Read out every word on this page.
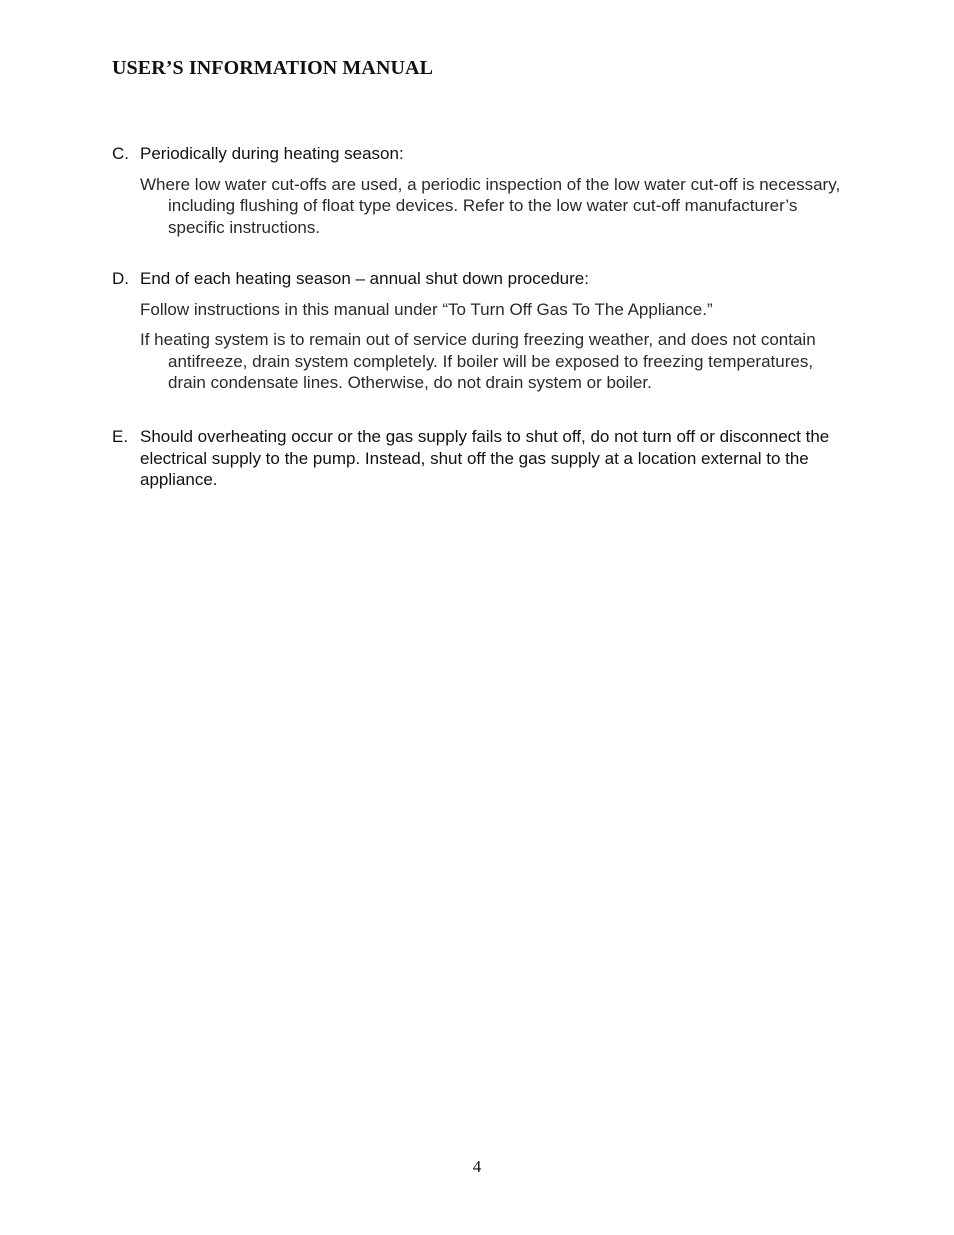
USER’S INFORMATION MANUAL

C. Periodically during heating season:

Where low water cut-offs are used, a periodic inspection of the low water cut-off is necessary, including flushing of float type devices. Refer to the low water cut-off manufacturer’s specific instructions.

D. End of each heating season – annual shut down procedure:

Follow instructions in this manual under “To Turn Off Gas To The Appliance.”

If heating system is to remain out of service during freezing weather, and does not contain antifreeze, drain system completely. If boiler will be exposed to freezing temperatures, drain condensate lines. Otherwise, do not drain system or boiler.

E. Should overheating occur or the gas supply fails to shut off, do not turn off or disconnect the electrical supply to the pump. Instead, shut off the gas supply at a location external to the appliance.

4
